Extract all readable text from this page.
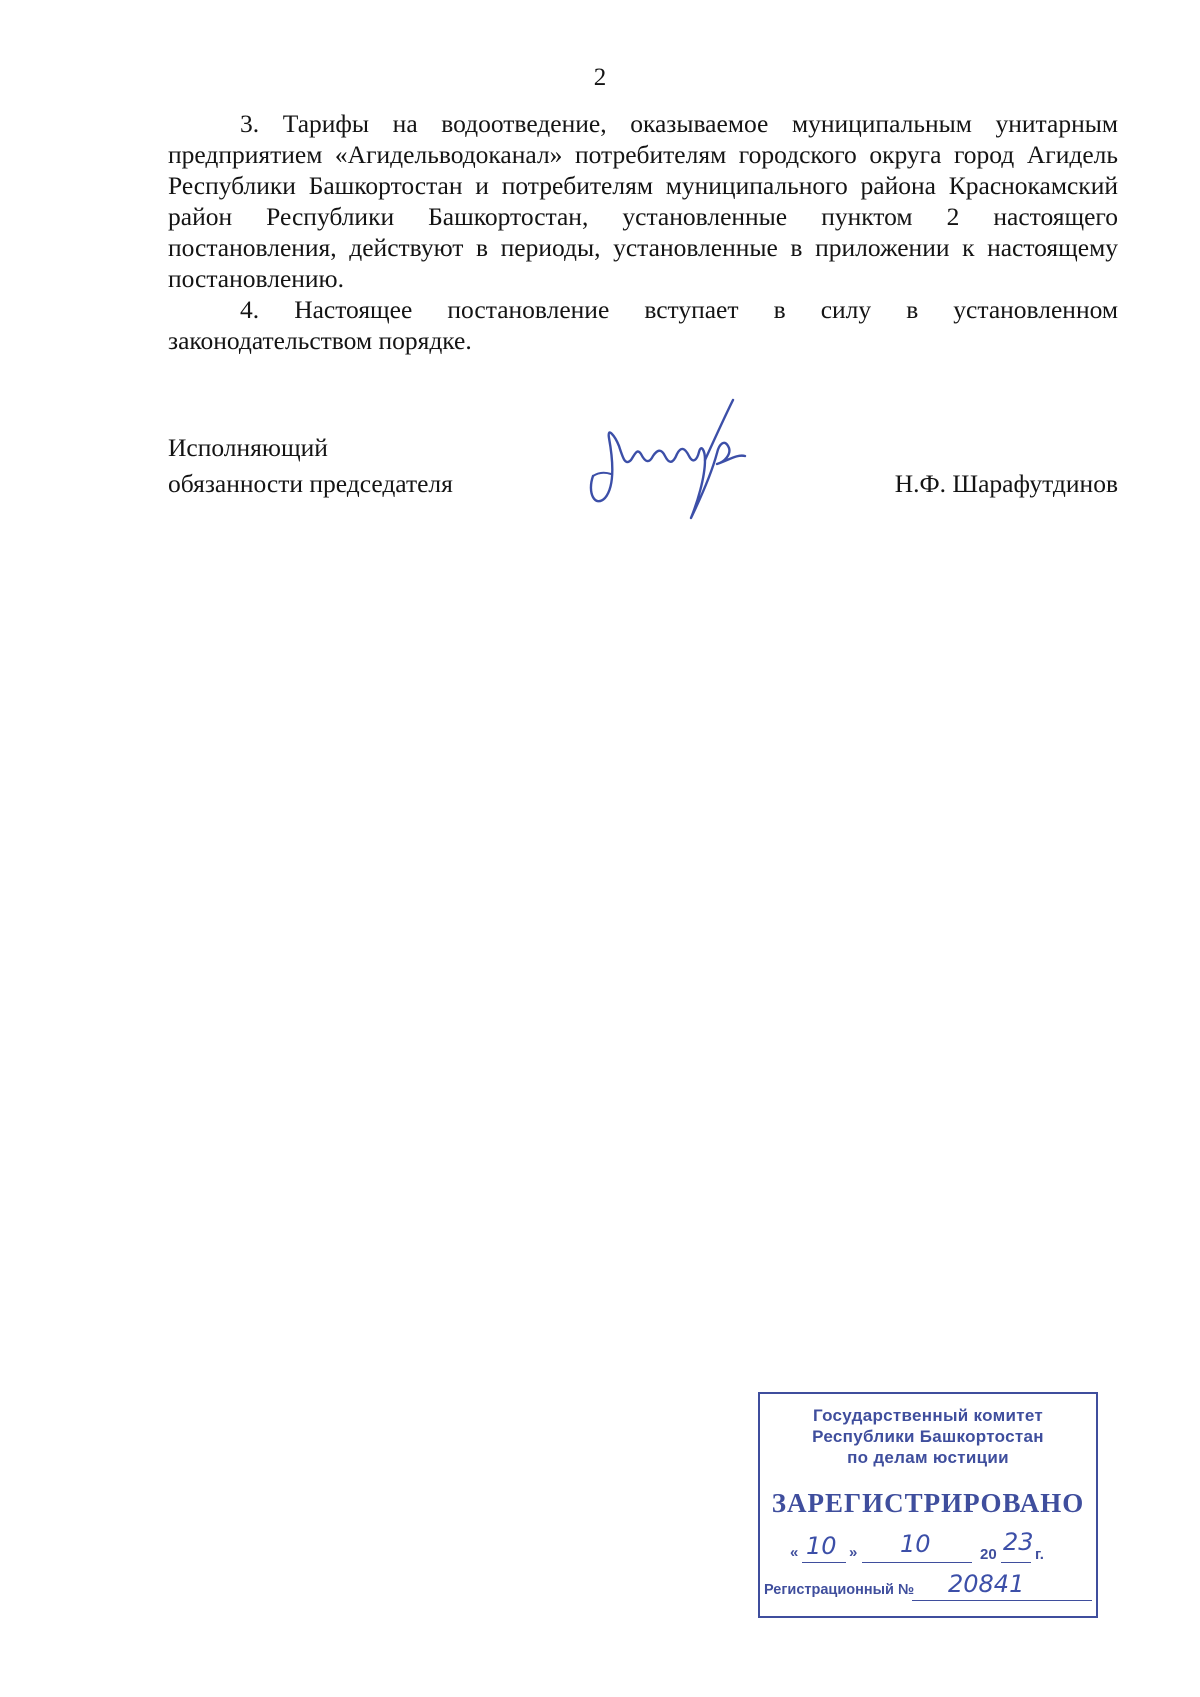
2

3. Тарифы на водоотведение, оказываемое муниципальным унитарным предприятием «Агидельводоканал» потребителям городского округа город Агидель Республики Башкортостан и потребителям муниципального района Краснокамский район Республики Башкортостан, установленные пунктом 2 настоящего постановления, действуют в периоды, установленные в приложении к настоящему постановлению.

4. Настоящее постановление вступает в силу в установленном законодательством порядке.

Исполняющий
обязанности председателя	Н.Ф. Шарафутдинов
Государственный комитет
Республики Башкортостан
по делам юстиции
ЗАРЕГИСТРИРОВАНО
« 10 » 10	20 23 г.
Регистрационный № 20841
